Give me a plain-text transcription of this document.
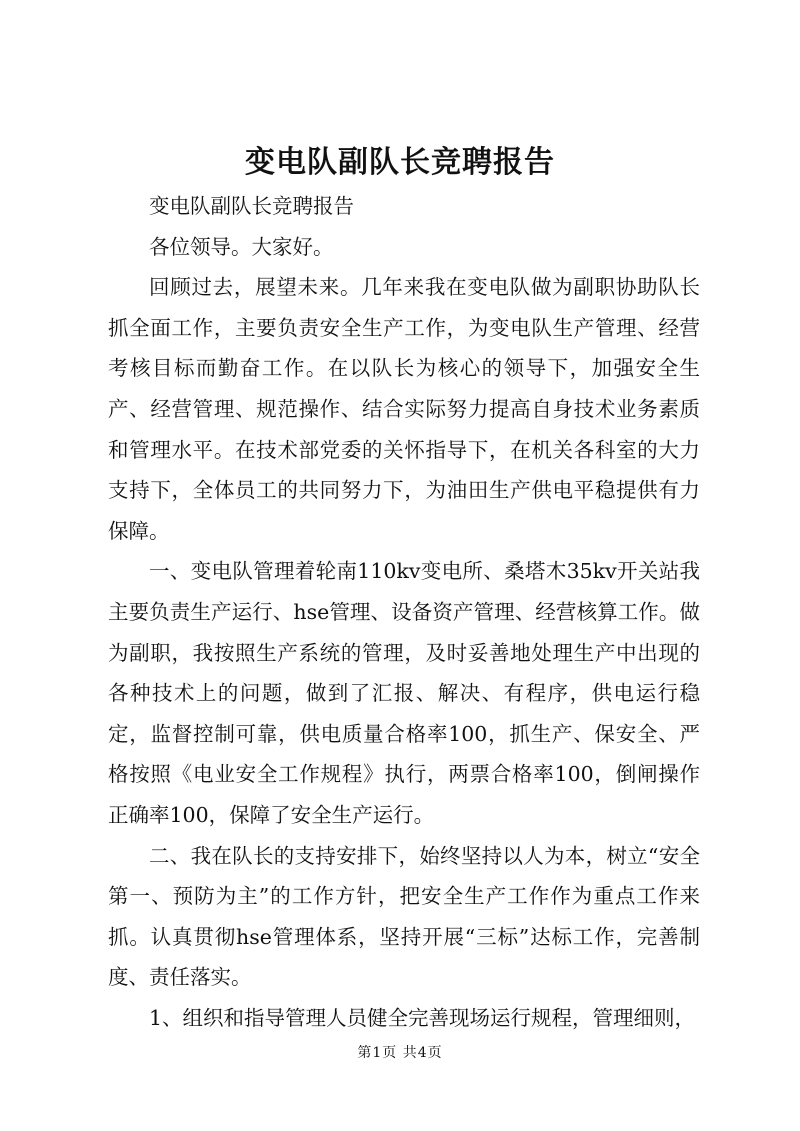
变电队副队长竞聘报告

变电队副队长竞聘报告

各位领导。大家好。

回顾过去，展望未来。几年来我在变电队做为副职协助队长抓全面工作，主要负责安全生产工作，为变电队生产管理、经营考核目标而勤奋工作。在以队长为核心的领导下，加强安全生产、经营管理、规范操作、结合实际努力提高自身技术业务素质和管理水平。在技术部党委的关怀指导下，在机关各科室的大力支持下，全体员工的共同努力下，为油田生产供电平稳提供有力保障。

一、变电队管理着轮南110kv变电所、桑塔木35kv开关站我主要负责生产运行、hse管理、设备资产管理、经营核算工作。做为副职，我按照生产系统的管理，及时妥善地处理生产中出现的各种技术上的问题，做到了汇报、解决、有程序，供电运行稳定，监督控制可靠，供电质量合格率100，抓生产、保安全、严格按照《电业安全工作规程》执行，两票合格率100，倒闸操作正确率100，保障了安全生产运行。

二、我在队长的支持安排下，始终坚持以人为本，树立“安全第一、预防为主”的工作方针，把安全生产工作作为重点工作来抓。认真贯彻hse管理体系，坚持开展“三标”达标工作，完善制度、责任落实。

1、组织和指导管理人员健全完善现场运行规程，管理细则，

第1页 共4页
